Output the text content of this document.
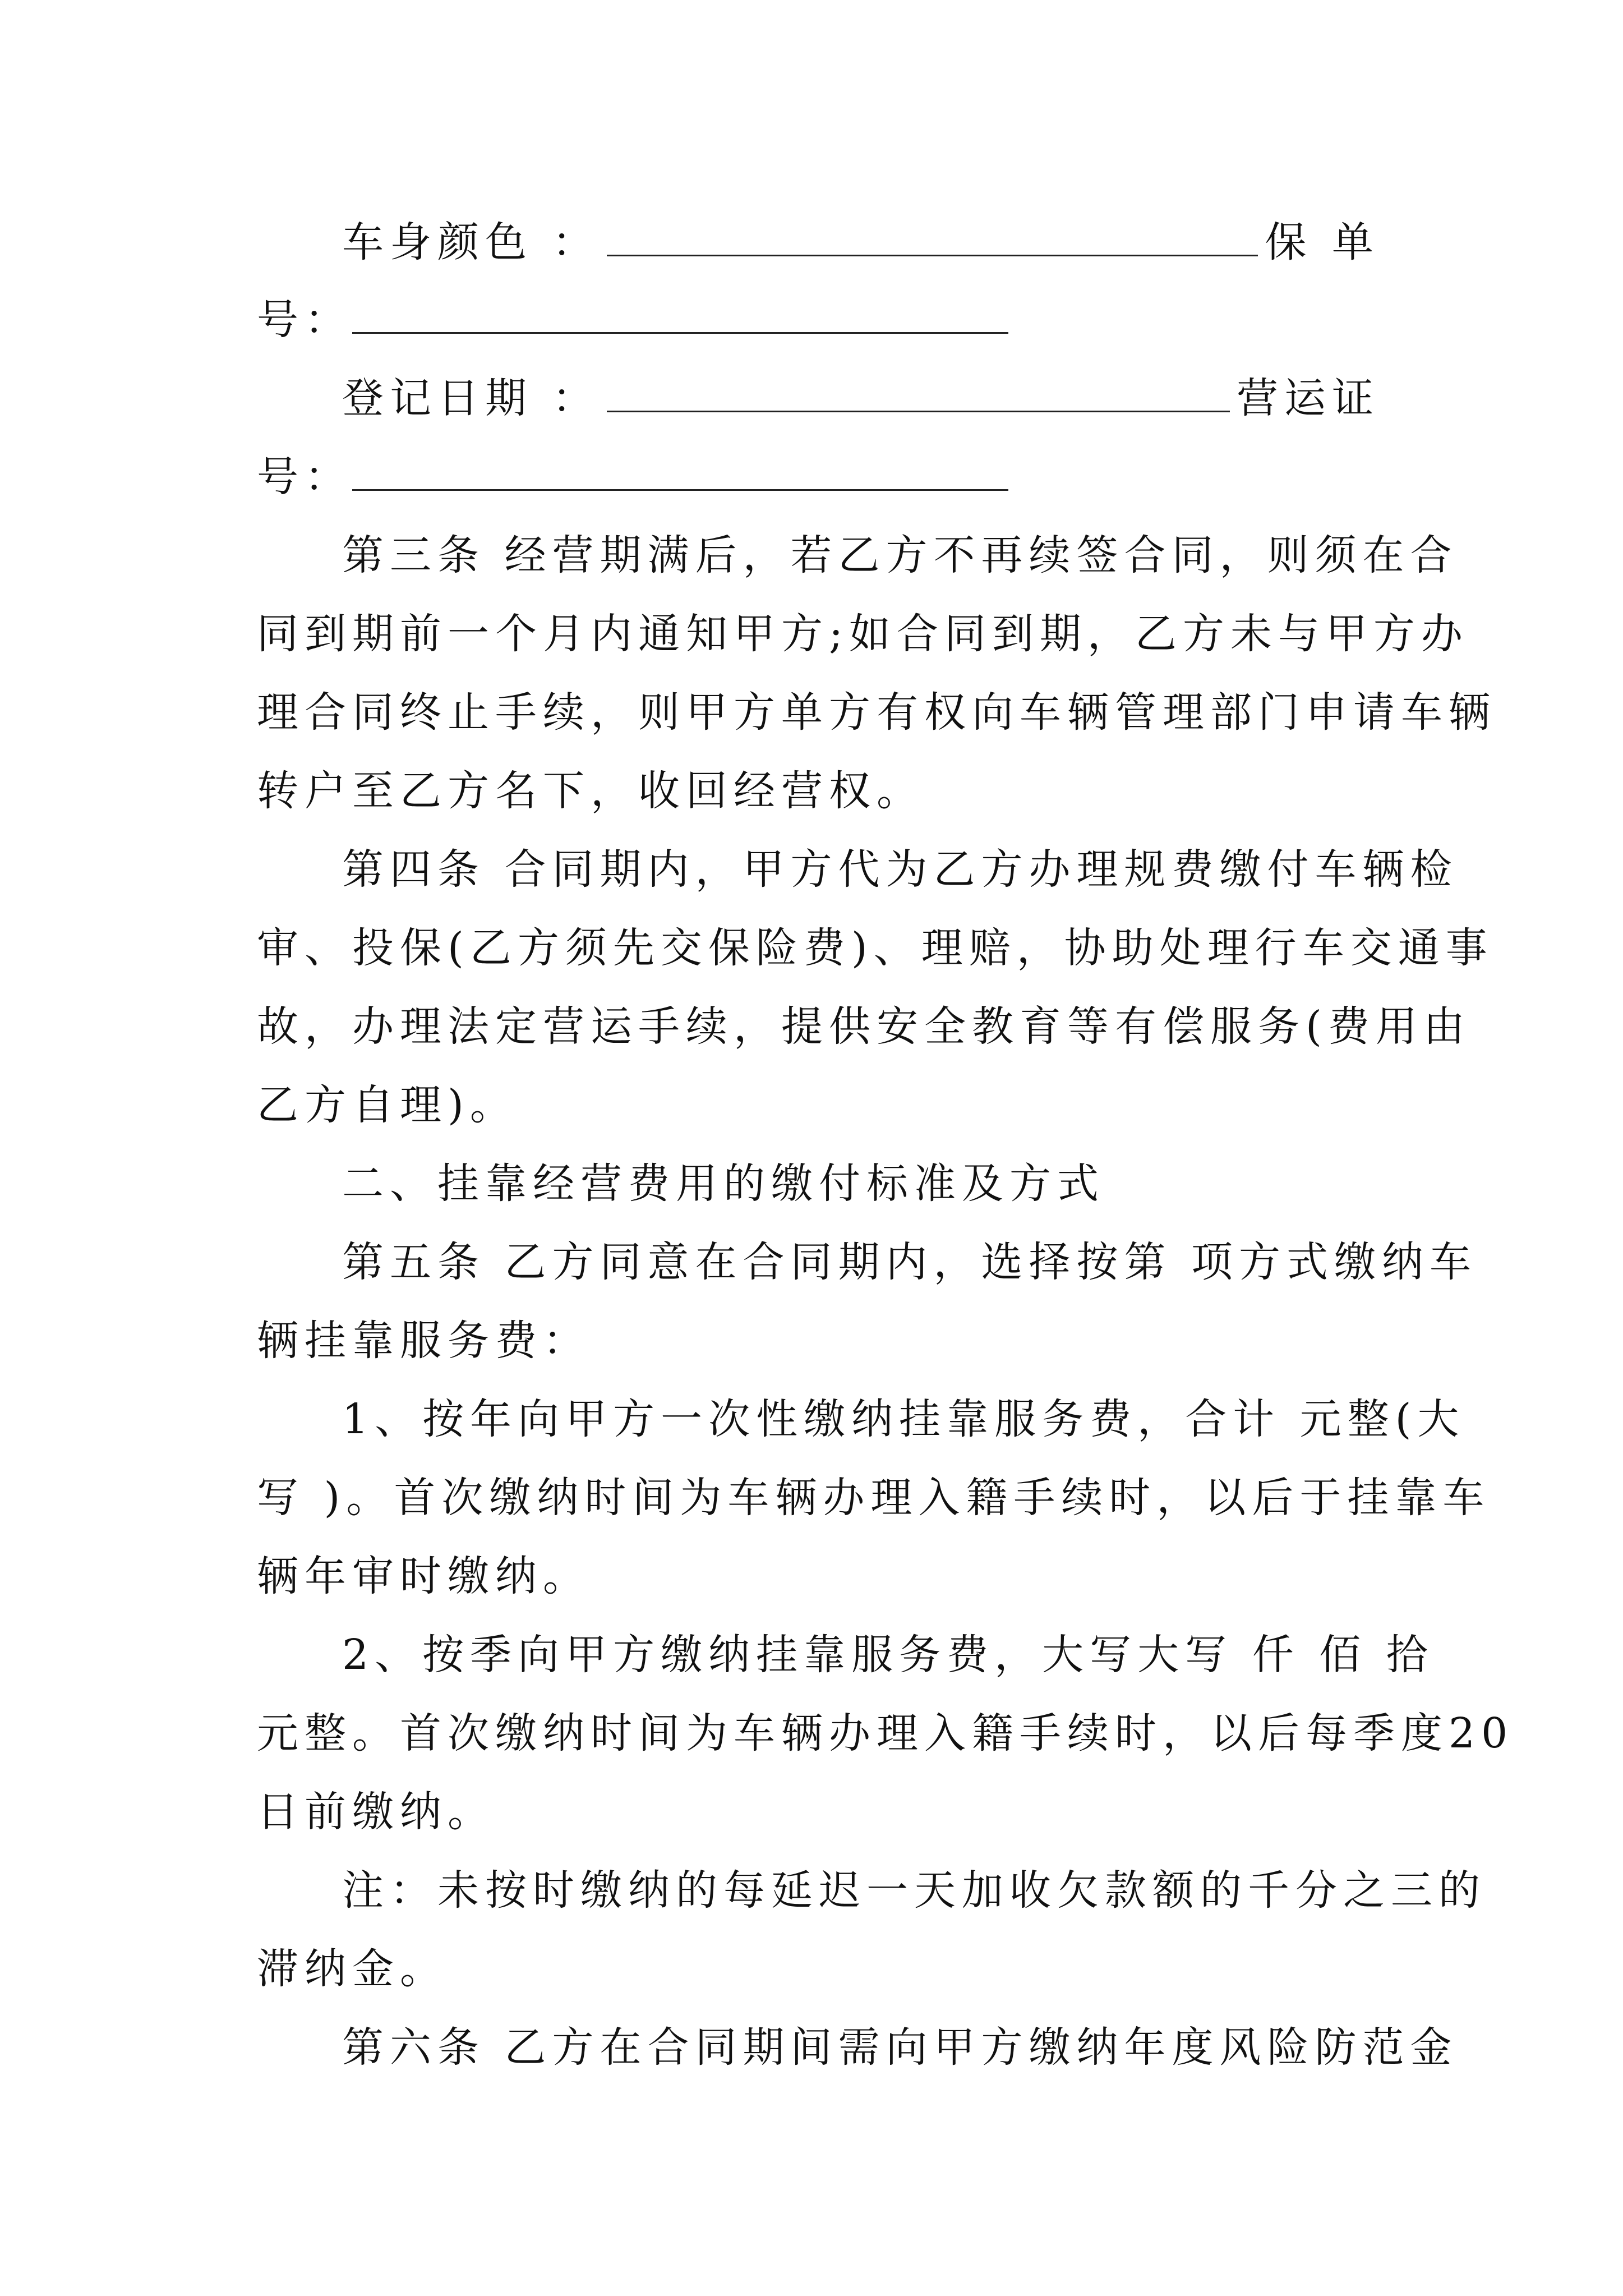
车身颜色 ：	保 单
号：
登记日期 ：	营运证
号：
第三条 经营期满后，若乙方不再续签合同，则须在合
同到期前一个月内通知甲方;如合同到期，乙方未与甲方办
理合同终止手续，则甲方单方有权向车辆管理部门申请车辆
转户至乙方名下，收回经营权。
第四条 合同期内，甲方代为乙方办理规费缴付车辆检
审、投保(乙方须先交保险费)、理赔，协助处理行车交通事
故，办理法定营运手续，提供安全教育等有偿服务(费用由
乙方自理)。
二、挂靠经营费用的缴付标准及方式
第五条 乙方同意在合同期内，选择按第 项方式缴纳车
辆挂靠服务费：
1、按年向甲方一次性缴纳挂靠服务费，合计 元整(大
写 )。首次缴纳时间为车辆办理入籍手续时，以后于挂靠车
辆年审时缴纳。
2、按季向甲方缴纳挂靠服务费，大写大写 仟 佰 拾
元整。首次缴纳时间为车辆办理入籍手续时，以后每季度20
日前缴纳。
注：未按时缴纳的每延迟一天加收欠款额的千分之三的
滞纳金。
第六条 乙方在合同期间需向甲方缴纳年度风险防范金
